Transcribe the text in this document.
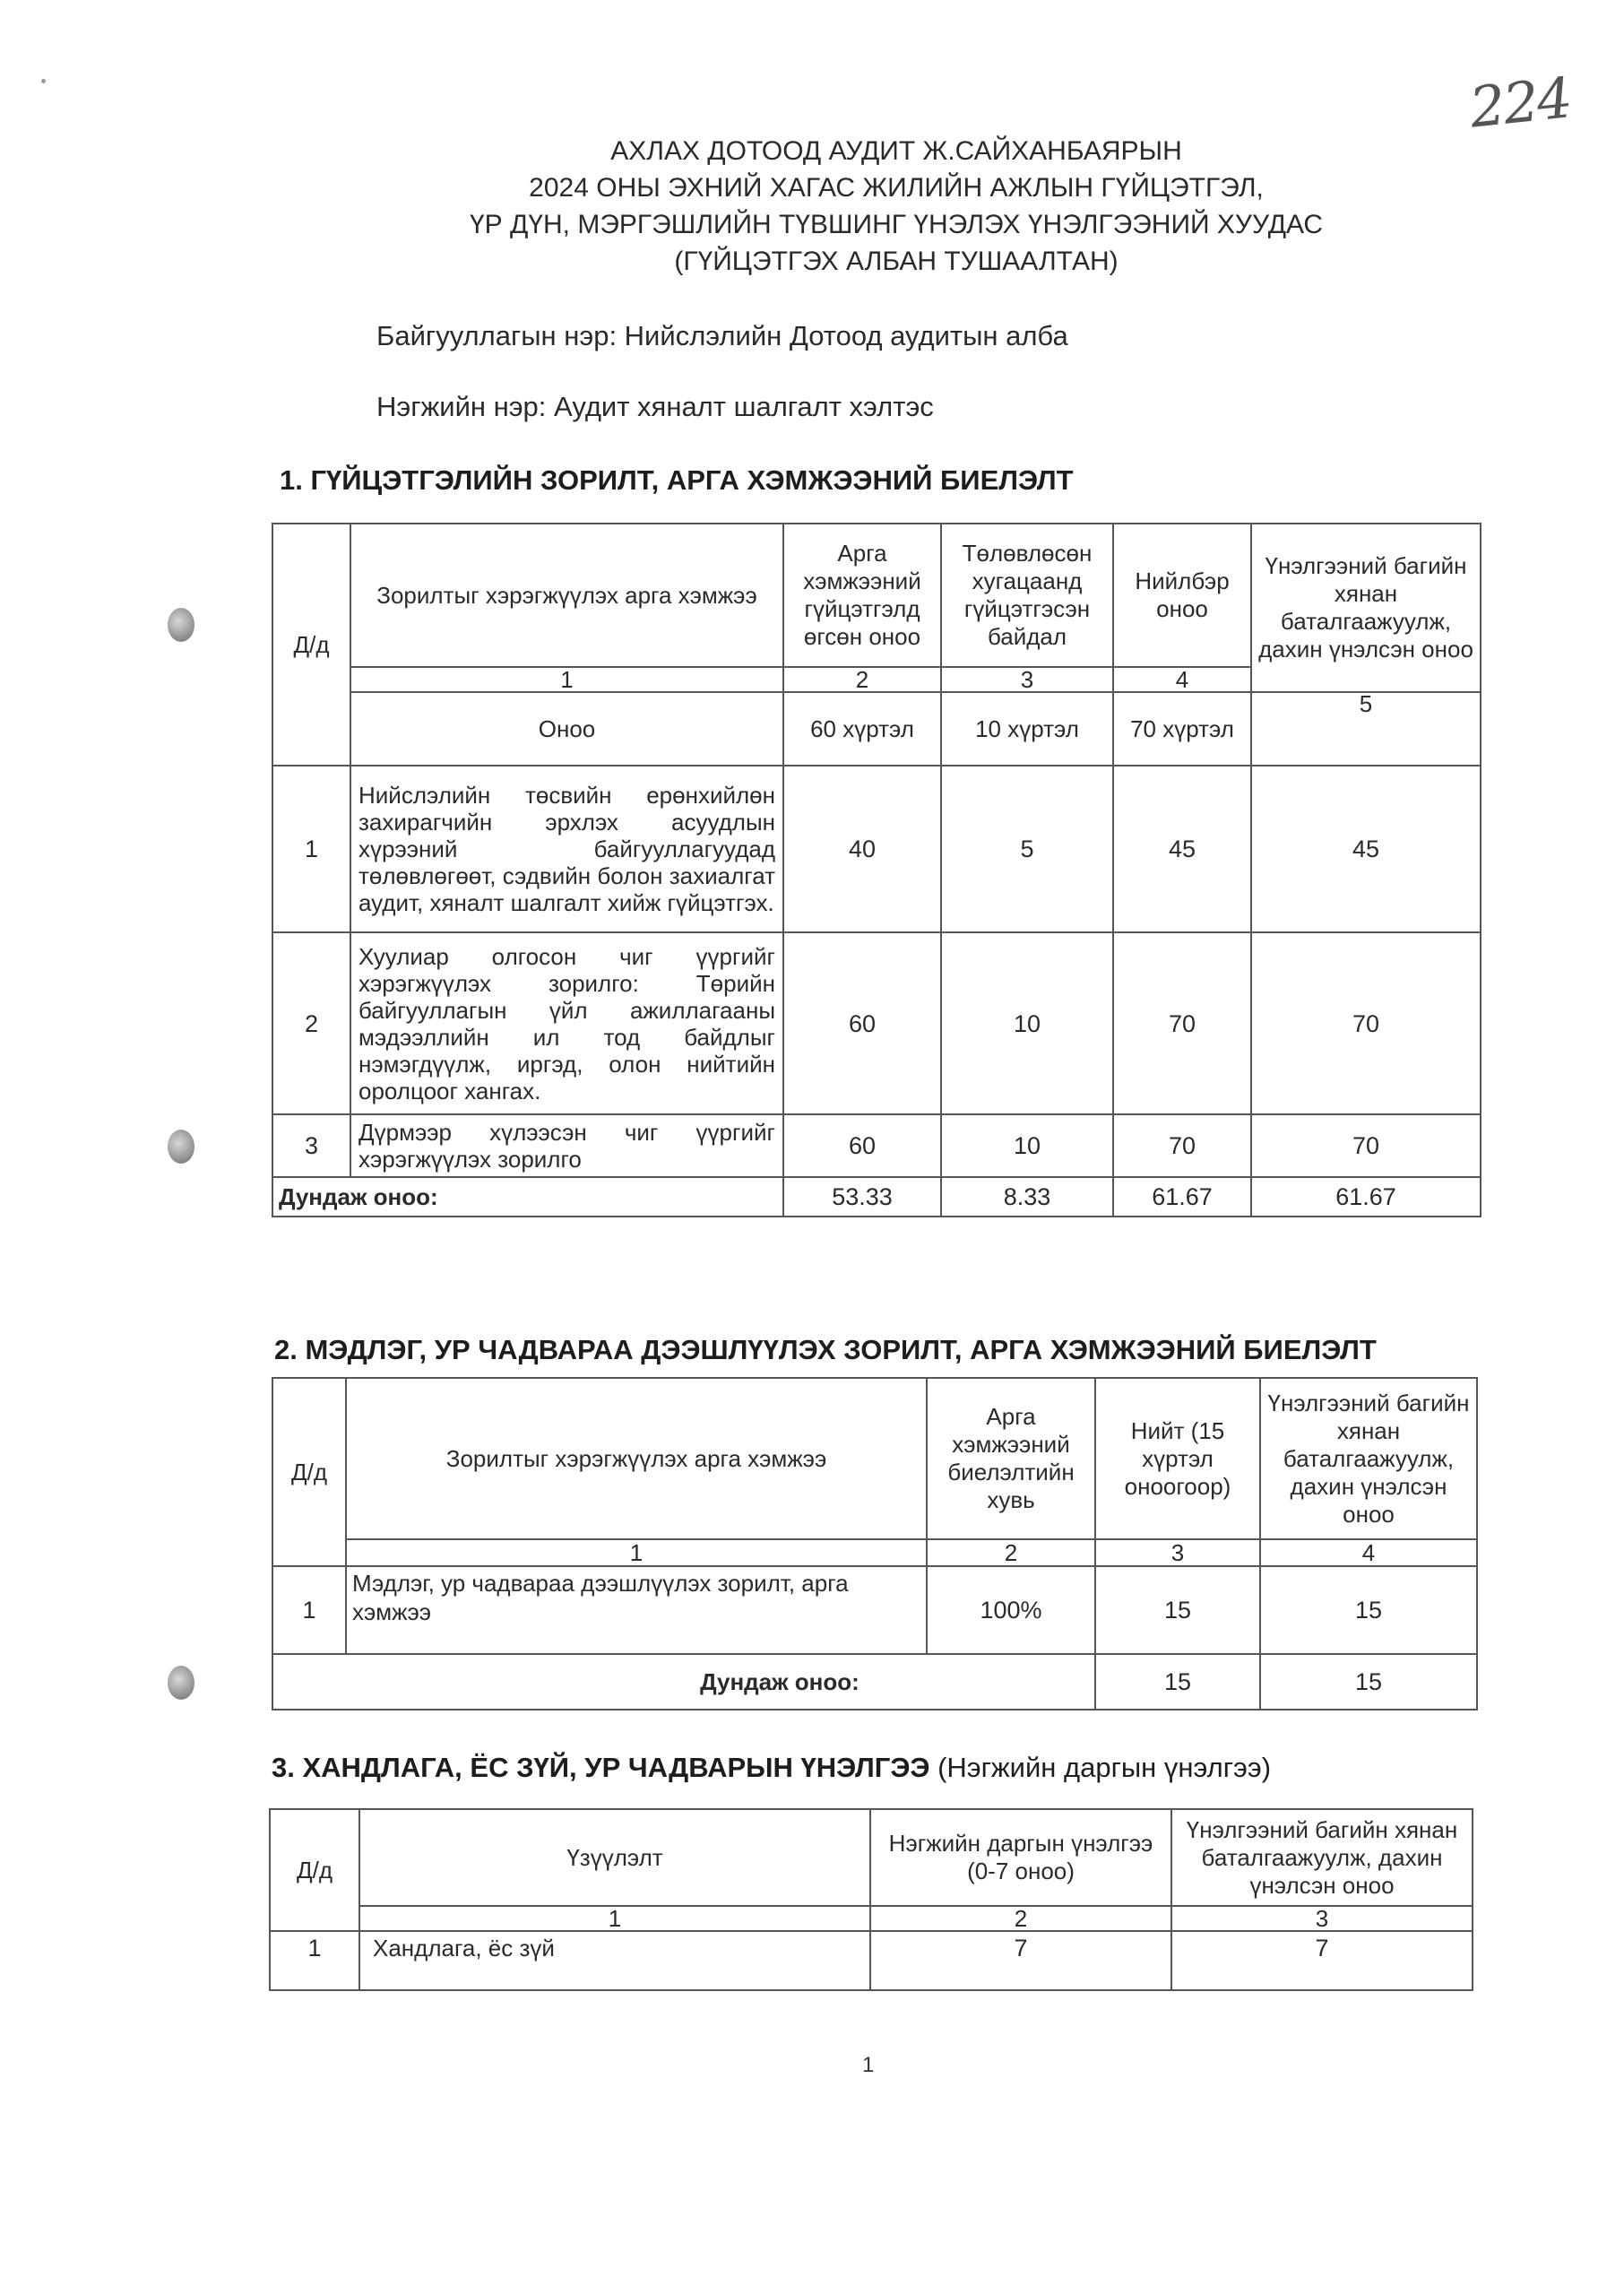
224
АХЛАХ ДОТООД АУДИТ Ж.САЙХАНБАЯРЫН
2024 ОНЫ ЭХНИЙ ХАГАС ЖИЛИЙН АЖЛЫН ГҮЙЦЭТГЭЛ,
ҮР ДҮН, МЭРГЭШЛИЙН ТҮВШИНГ ҮНЭЛЭХ ҮНЭЛГЭЭНИЙ ХУУДАС
(ГҮЙЦЭТГЭХ АЛБАН ТУШААЛТАН)
Байгууллагын нэр: Нийслэлийн Дотоод аудитын алба
Нэгжийн нэр: Аудит хяналт шалгалт хэлтэс
1. ГҮЙЦЭТГЭЛИЙН ЗОРИЛТ, АРГА ХЭМЖЭЭНИЙ БИЕЛЭЛТ
Д/д	Зорилтыг хэрэгжүүлэх арга хэмжээ	Арга хэмжээний гүйцэтгэлд өгсөн оноо	Төлөвлөсөн хугацаанд гүйцэтгэсэн байдал	Нийлбэр оноо	Үнэлгээний багийн хянан баталгаажуулж, дахин үнэлсэн оноо
	1	2	3	4	
	Оноо	60 хүртэл	10 хүртэл	70 хүртэл	5
1	Нийслэлийн төсвийн ерөнхийлөн захирагчийн эрхлэх асуудлын хүрээний байгууллагуудад төлөвлөгөөт, сэдвийн болон захиалгат аудит, хяналт шалгалт хийж гүйцэтгэх.	40	5	45	45
2	Хуулиар олгосон чиг үүргийг хэрэгжүүлэх зорилго: Төрийн байгууллагын үйл ажиллагааны мэдээллийн ил тод байдлыг нэмэгдүүлж, иргэд, олон нийтийн оролцоог хангах.	60	10	70	70
3	Дүрмээр хүлээсэн чиг үүргийг хэрэгжүүлэх зорилго	60	10	70	70
Дундаж оноо:		53.33	8.33	61.67	61.67
2. МЭДЛЭГ, УР ЧАДВАРАА ДЭЭШЛҮҮЛЭХ ЗОРИЛТ, АРГА ХЭМЖЭЭНИЙ БИЕЛЭЛТ
Д/д	Зорилтыг хэрэгжүүлэх арга хэмжээ	Арга хэмжээний биелэлтийн хувь	Нийт (15 хүртэл оноогоор)	Үнэлгээний багийн хянан баталгаажуулж, дахин үнэлсэн оноо
	1	2	3	4
1	Мэдлэг, ур чадвараа дээшлүүлэх зорилт, арга хэмжээ	100%	15	15
Дундаж оноо:			15	15
3. ХАНДЛАГА, ЁС ЗҮЙ, УР ЧАДВАРЫН ҮНЭЛГЭЭ (Нэгжийн даргын үнэлгээ)
Д/д	Үзүүлэлт	Нэгжийн даргын үнэлгээ (0-7 оноо)	Үнэлгээний багийн хянан баталгаажуулж, дахин үнэлсэн оноо
	1	2	3
1	Хандлага, ёс зүй	7	7
1
